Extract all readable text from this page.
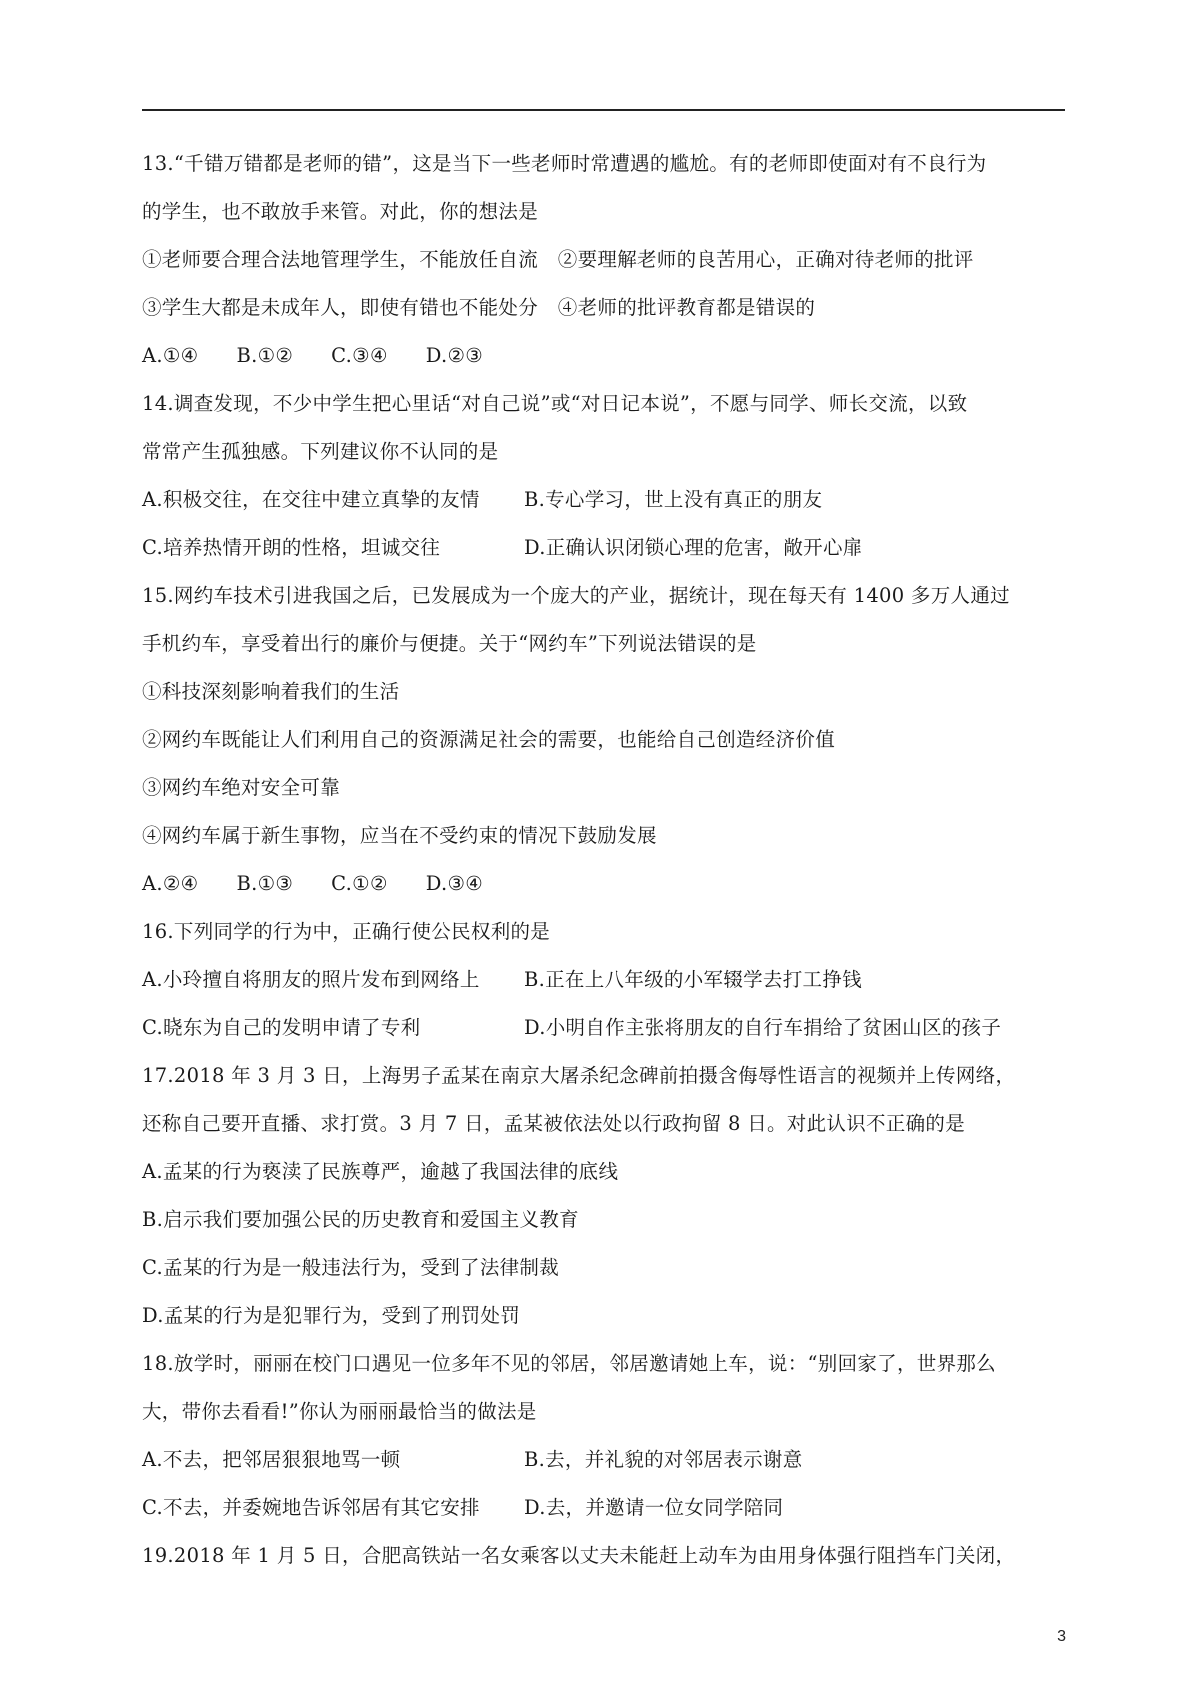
13.“千错万错都是老师的错”，这是当下一些老师时常遭遇的尴尬。有的老师即使面对有不良行为
的学生，也不敢放手来管。对此，你的想法是
①老师要合理合法地管理学生，不能放任自流　②要理解老师的良苦用心，正确对待老师的批评
③学生大都是未成年人，即使有错也不能处分　④老师的批评教育都是错误的
A.①④ B.①② C.③④ D.②③
14.调查发现，不少中学生把心里话“对自己说”或“对日记本说”，不愿与同学、师长交流，以致
常常产生孤独感。下列建议你不认同的是
A.积极交往，在交往中建立真挚的友情	B.专心学习，世上没有真正的朋友
C.培养热情开朗的性格，坦诚交往	D.正确认识闭锁心理的危害，敞开心扉
15.网约车技术引进我国之后，已发展成为一个庞大的产业，据统计，现在每天有 1400 多万人通过
手机约车，享受着出行的廉价与便捷。关于“网约车”下列说法错误的是
①科技深刻影响着我们的生活
②网约车既能让人们利用自己的资源满足社会的需要，也能给自己创造经济价值
③网约车绝对安全可靠
④网约车属于新生事物，应当在不受约束的情况下鼓励发展
A.②④ B.①③ C.①② D.③④
16.下列同学的行为中，正确行使公民权利的是
A.小玲擅自将朋友的照片发布到网络上	B.正在上八年级的小军辍学去打工挣钱
C.晓东为自己的发明申请了专利	D.小明自作主张将朋友的自行车捐给了贫困山区的孩子
17.2018 年 3 月 3 日，上海男子孟某在南京大屠杀纪念碑前拍摄含侮辱性语言的视频并上传网络，
还称自己要开直播、求打赏。3 月 7 日，孟某被依法处以行政拘留 8 日。对此认识不正确的是
A.孟某的行为亵渎了民族尊严，逾越了我国法律的底线
B.启示我们要加强公民的历史教育和爱国主义教育
C.孟某的行为是一般违法行为，受到了法律制裁
D.孟某的行为是犯罪行为，受到了刑罚处罚
18.放学时，丽丽在校门口遇见一位多年不见的邻居，邻居邀请她上车，说：“别回家了，世界那么
大，带你去看看!”你认为丽丽最恰当的做法是
A.不去，把邻居狠狠地骂一顿	B.去，并礼貌的对邻居表示谢意
C.不去，并委婉地告诉邻居有其它安排	D.去，并邀请一位女同学陪同
19.2018 年 1 月 5 日，合肥高铁站一名女乘客以丈夫未能赶上动车为由用身体强行阻挡车门关闭，
3
